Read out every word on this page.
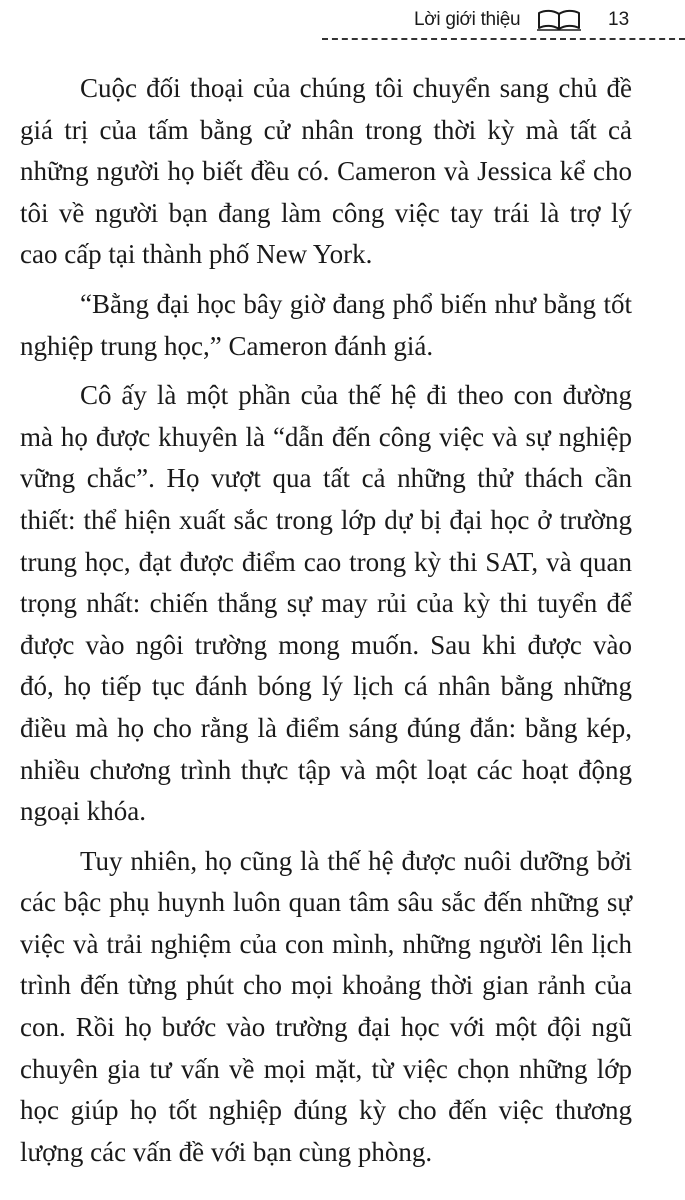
Lời giới thiệu	13

Cuộc đối thoại của chúng tôi chuyển sang chủ đề giá trị của tấm bằng cử nhân trong thời kỳ mà tất cả những người họ biết đều có. Cameron và Jessica kể cho tôi về người bạn đang làm công việc tay trái là trợ lý cao cấp tại thành phố New York.

“Bằng đại học bây giờ đang phổ biến như bằng tốt nghiệp trung học,” Cameron đánh giá.

Cô ấy là một phần của thế hệ đi theo con đường mà họ được khuyên là “dẫn đến công việc và sự nghiệp vững chắc”. Họ vượt qua tất cả những thử thách cần thiết: thể hiện xuất sắc trong lớp dự bị đại học ở trường trung học, đạt được điểm cao trong kỳ thi SAT, và quan trọng nhất: chiến thắng sự may rủi của kỳ thi tuyển để được vào ngôi trường mong muốn. Sau khi được vào đó, họ tiếp tục đánh bóng lý lịch cá nhân bằng những điều mà họ cho rằng là điểm sáng đúng đắn: bằng kép, nhiều chương trình thực tập và một loạt các hoạt động ngoại khóa.

Tuy nhiên, họ cũng là thế hệ được nuôi dưỡng bởi các bậc phụ huynh luôn quan tâm sâu sắc đến những sự việc và trải nghiệm của con mình, những người lên lịch trình đến từng phút cho mọi khoảng thời gian rảnh của con. Rồi họ bước vào trường đại học với một đội ngũ chuyên gia tư vấn về mọi mặt, từ việc chọn những lớp học giúp họ tốt nghiệp đúng kỳ cho đến việc thương lượng các vấn đề với bạn cùng phòng.
